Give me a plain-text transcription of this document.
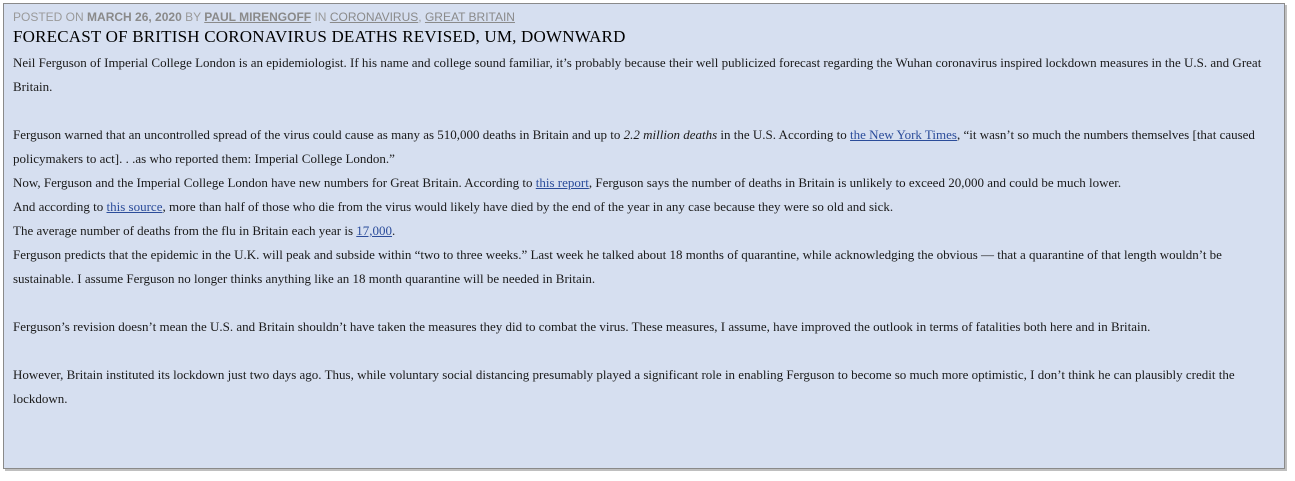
POSTED ON MARCH 26, 2020 BY PAUL MIRENGOFF IN CORONAVIRUS, GREAT BRITAIN
FORECAST OF BRITISH CORONAVIRUS DEATHS REVISED, UM, DOWNWARD

Neil Ferguson of Imperial College London is an epidemiologist. If his name and college sound familiar, it’s probably because their well publicized forecast regarding the Wuhan coronavirus inspired lockdown measures in the U.S. and Great Britain.

Ferguson warned that an uncontrolled spread of the virus could cause as many as 510,000 deaths in Britain and up to 2.2 million deaths in the U.S. According to the New York Times, “it wasn’t so much the numbers themselves [that caused policymakers to act]. . .as who reported them: Imperial College London.”

Now, Ferguson and the Imperial College London have new numbers for Great Britain. According to this report, Ferguson says the number of deaths in Britain is unlikely to exceed 20,000 and could be much lower.

And according to this source, more than half of those who die from the virus would likely have died by the end of the year in any case because they were so old and sick.

The average number of deaths from the flu in Britain each year is 17,000.

Ferguson predicts that the epidemic in the U.K. will peak and subside within “two to three weeks.” Last week he talked about 18 months of quarantine, while acknowledging the obvious — that a quarantine of that length wouldn’t be sustainable. I assume Ferguson no longer thinks anything like an 18 month quarantine will be needed in Britain.

Ferguson’s revision doesn’t mean the U.S. and Britain shouldn’t have taken the measures they did to combat the virus. These measures, I assume, have improved the outlook in terms of fatalities both here and in Britain.

However, Britain instituted its lockdown just two days ago. Thus, while voluntary social distancing presumably played a significant role in enabling Ferguson to become so much more optimistic, I don’t think he can plausibly credit the lockdown.
